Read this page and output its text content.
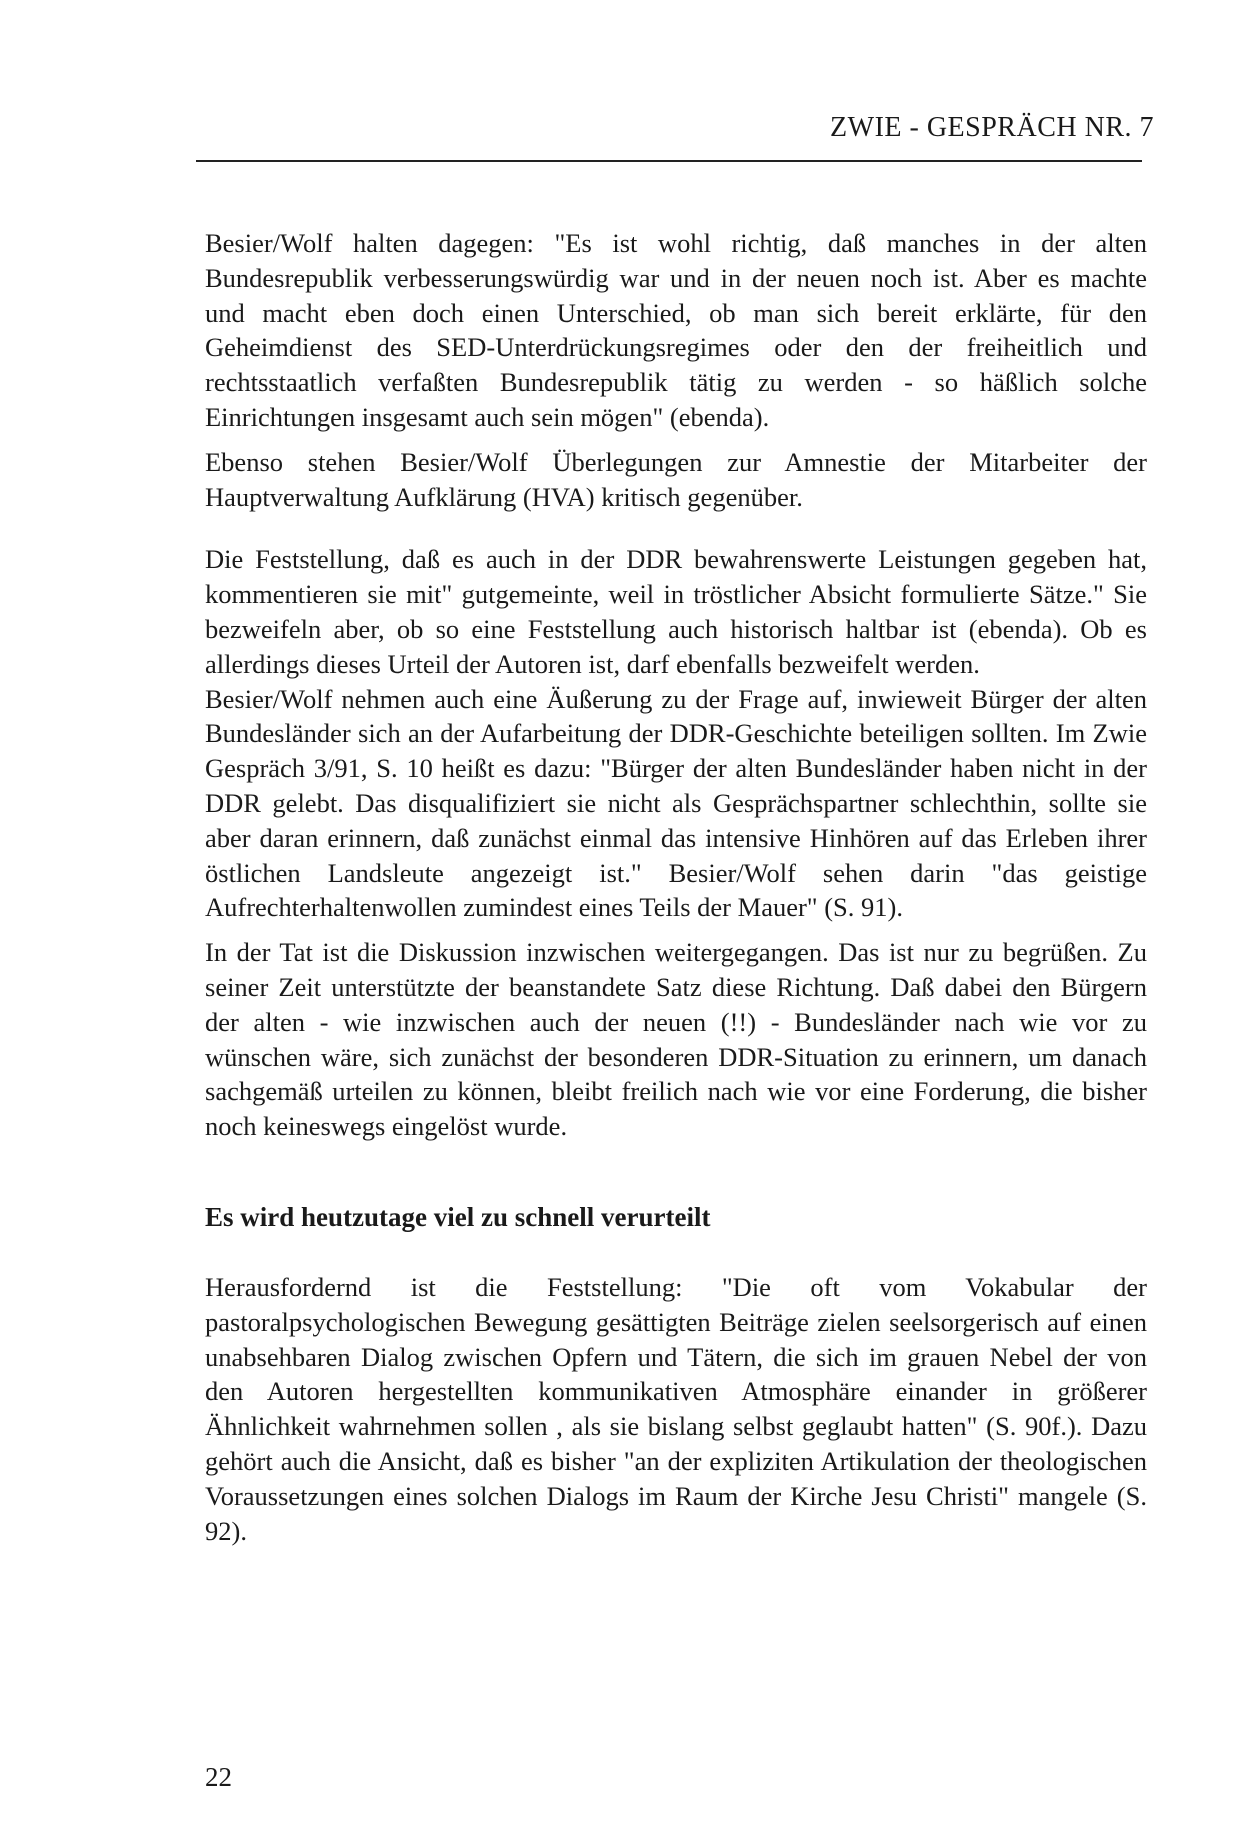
ZWIE - GESPRÄCH NR. 7

Besier/Wolf halten dagegen: "Es ist wohl richtig, daß manches in der alten Bundesrepublik verbesserungswürdig war und in der neuen noch ist. Aber es machte und macht eben doch einen Unterschied, ob man sich bereit erklärte, für den Geheimdienst des SED-Unterdrückungsregimes oder den der freiheitlich und rechtsstaatlich verfaßten Bundesrepublik tätig zu werden - so häßlich solche Einrichtungen insgesamt auch sein mögen" (ebenda).

Ebenso stehen Besier/Wolf Überlegungen zur Amnestie der Mitarbeiter der Hauptverwaltung Aufklärung (HVA) kritisch gegenüber.

Die Feststellung, daß es auch in der DDR bewahrenswerte Leistungen gegeben hat, kommentieren sie mit" gutgemeinte, weil in tröstlicher Absicht formulierte Sätze." Sie bezweifeln aber, ob so eine Feststellung auch historisch haltbar ist (ebenda). Ob es allerdings dieses Urteil der Autoren ist, darf ebenfalls bezweifelt werden.

Besier/Wolf nehmen auch eine Äußerung zu der Frage auf, inwieweit Bürger der alten Bundesländer sich an der Aufarbeitung der DDR-Geschichte beteiligen sollten. Im Zwie Gespräch 3/91, S. 10 heißt es dazu: "Bürger der alten Bundesländer haben nicht in der DDR gelebt. Das disqualifiziert sie nicht als Gesprächspartner schlechthin, sollte sie aber daran erinnern, daß zunächst einmal das intensive Hinhören auf das Erleben ihrer östlichen Landsleute angezeigt ist." Besier/Wolf sehen darin "das geistige Aufrechterhaltenwollen zumindest eines Teils der Mauer" (S. 91).

In der Tat ist die Diskussion inzwischen weitergegangen. Das ist nur zu begrüßen. Zu seiner Zeit unterstützte der beanstandete Satz diese Richtung. Daß dabei den Bürgern der alten - wie inzwischen auch der neuen (!!) - Bundesländer nach wie vor zu wünschen wäre, sich zunächst der besonderen DDR-Situation zu erinnern, um danach sachgemäß urteilen zu können, bleibt freilich nach wie vor eine Forderung, die bisher noch keineswegs eingelöst wurde.

Es wird heutzutage viel zu schnell verurteilt

Herausfordernd ist die Feststellung: "Die oft vom Vokabular der pastoralpsychologischen Bewegung gesättigten Beiträge zielen seelsorgerisch auf einen unabsehbaren Dialog zwischen Opfern und Tätern, die sich im grauen Nebel der von den Autoren hergestellten kommunikativen Atmosphäre einander in größerer Ähnlichkeit wahrnehmen sollen , als sie bislang selbst geglaubt hatten" (S. 90f.). Dazu gehört auch die Ansicht, daß es bisher "an der expliziten Artikulation der theologischen Voraussetzungen eines solchen Dialogs im Raum der Kirche Jesu Christi" mangele (S. 92).

22
